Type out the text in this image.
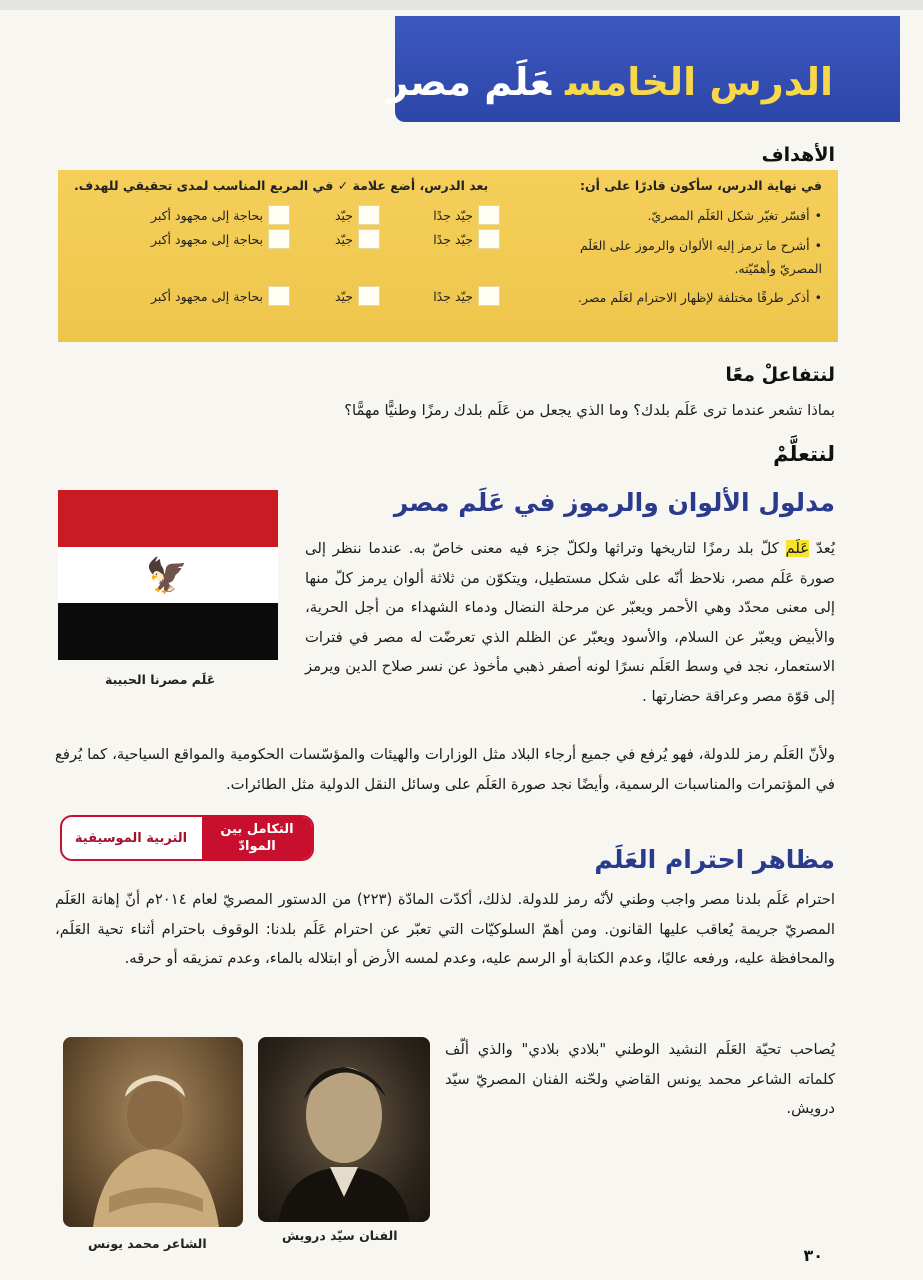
الدرس الخامسعَلَم مصر
الأهداف
في نهاية الدرس، سأكون قادرًا على أن:
بعد الدرس، أضع علامة ✓ في المربع المناسب لمدى تحقيقي للهدف.
• أفسّر تغيّر شكل العَلَم المصريّ.
• أشرح ما ترمز إليه الألوان والرموز على العَلَم المصريّ وأهمّيّته.
• أذكر طرقًا مختلفة لإظهار الاحترام لعَلَم مصر.
جيّد جدًا
جيّد
بحاجة إلى مجهود أكبر
جيّد جدًا
جيّد
بحاجة إلى مجهود أكبر
جيّد جدًا
جيّد
بحاجة إلى مجهود أكبر
لنتفاعلْ معًا
بماذا تشعر عندما ترى عَلَم بلدك؟ وما الذي يجعل من عَلَم بلدك رمزًا وطنيًّا مهمًّا؟
لنتعلَّمْ
مدلول الألوان والرموز في عَلَم مصر
🦅
عَلَم مصرنا الحبيبة
يُعدّ عَلَم كلّ بلد رمزًا لتاريخها وتراثها ولكلّ جزء فيه معنى خاصّ به. عندما ننظر إلى صورة عَلَم مصر، نلاحظ أنّه على شكل مستطيل، ويتكوّن من ثلاثة ألوان يرمز كلّ منها إلى معنى محدّد وهي الأحمر ويعبّر عن مرحلة النضال ودماء الشهداء من أجل الحرية، والأبيض ويعبّر عن السلام، والأسود ويعبّر عن الظلم الذي تعرضّت له مصر في فترات الاستعمار، نجد في وسط العَلَم نسرًا لونه أصفر ذهبي مأخوذ عن نسر صلاح الدين ويرمز إلى قوّة مصر وعراقة حضارتها .
ولأنّ العَلَم رمز للدولة، فهو يُرفع في جميع أرجاء البلاد مثل الوزارات والهيئات والمؤسّسات الحكومية والمواقع السياحية، كما يُرفع في المؤتمرات والمناسبات الرسمية، وأيضًا نجد صورة العَلَم على وسائل النقل الدولية مثل الطائرات.
التكامل بين الموادّ
التربية الموسيقية
مظاهر احترام العَلَم
احترام عَلَم بلدنا مصر واجب وطني لأنّه رمز للدولة. لذلك، أكدّت المادّة (٢٢٣) من الدستور المصريّ لعام ٢٠١٤م أنّ إهانة العَلَم المصريّ جريمة يُعاقب عليها القانون. ومن أهمّ السلوكيّات التي تعبّر عن احترام عَلَم بلدنا: الوقوف باحترام أثناء تحية العَلَم، والمحافظة عليه، ورفعه عاليًا، وعدم الكتابة أو الرسم عليه، وعدم لمسه الأرض أو ابتلاله بالماء، وعدم تمزيقه أو حرقه.
يُصاحب تحيّة العَلَم النشيد الوطني "بلادي بلادي" والذي ألّف كلماته الشاعر محمد يونس القاضي ولحّنه الفنان المصريّ سيّد درويش.
الفنان سيّد درويش
الشاعر محمد يونس
٣٠
